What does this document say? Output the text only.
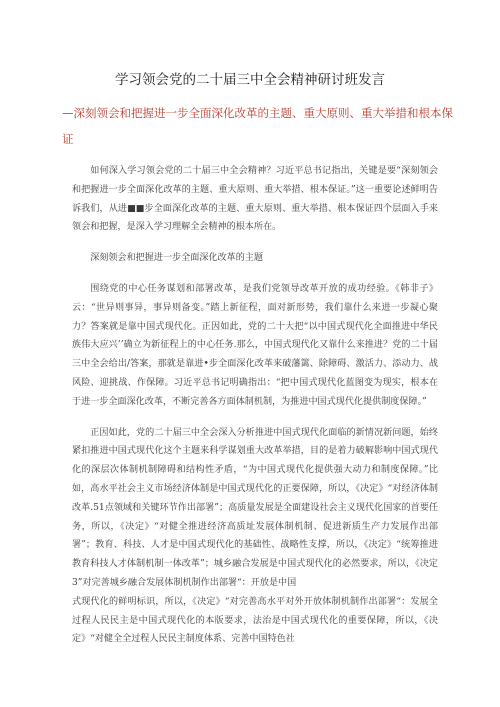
学习领会党的二十届三中全会精神研讨班发言
—深刻领会和把握进一步全面深化改革的主题、重大原则、重大举措和根本保证

如何深入学习领会党的二十届三中全会精神？习近平总书记指出，关键是要“深刻领会和把握进一步全面深化改革的主题、重大原则、重大举措、根本保证。”这一重要论述鲜明告诉我们，从进■■步全面深化改革的主题、重大原则、重大举措、根本保证四个层面入手来领会和把握，是深入学习理解全会精神的根本所在。

深刻领会和把握进一步全面深化改革的主题

围绕党的中心任务谋划和部署改革，是我们党领导改革开放的成功经验。《韩非子》云：“世异则事异，事异则备变。”踏上新征程，面对新形势，我们靠什么来进一步凝心聚力？答案就是靠中国式现代化。正因如此，党的二十大把“以中国式现代化全面推进中华民族伟大应兴’’确立为新征程上的中心任务.那么，中国式现代化又靠什么来推进？党的二十届三中全会给出/答案，那就是靠进•步全面深化改革来破藩篱、除障碍、激活力、添动力、战风险、迎挑战、作保障。习近平总书记明确指出：“把中国式现代化蓝图变为现实，根本在于进一步全面深化改革，不断完善各方面体制机制，为推进中国式现代化提供制度保障。”

正因如此，党的二十届三中全会深入分析推进中国式现代化面临的新情况新问题，始终紧扣推进中国式现代化这个主题来科学谋划重大改革举措，目的是着力破解影响中国式现代化的深层次体制机制障碍和结构性矛盾，“为中国式现代化提供强大动力和制度保障。”比如，高水平社会主义市场经济体制是中国式现代化的正要保障，所以，《决定》“对经济体制改革.51点领域和关键环节作出部署”；高质量发展是全面建设社会主义现代化国家的首要任务，所以，《决定》“对健全推进经济高质址发展体制机制、促进新质生产力发展作出部署”；教育、科技、人才是中国式现代化的基础性、战略性支撑，所以，《决定》“统筹推进教育科技人才体制机制一体改革”；城乡融合发展是中国式现代化的必然要求，所以，《决定3”对完善城乡融合发展体制机制作出部署“：开放是中国

式现代化的鲜明标识，所以，《决定》“对完善高水平对外开放体制机制作出部署“：发展全过程人民民主是中国式现代化的本版要求，法治是中国式现代化的重要保障，所以，《决定》“对健全全过程人民民主制度体系、完善中国特色社
